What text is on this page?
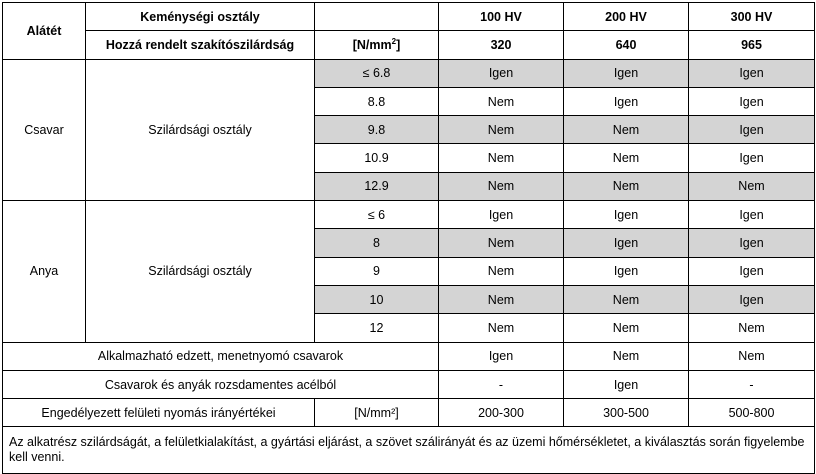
Alátét	Keménységi osztály		100 HV	200 HV	300 HV
	Hozzá rendelt szakítószilárdság	$[N/mm^2]$	320	640	965
Csavar	Szilárdsági osztály	≤ 6.8	Igen	Igen	Igen
		8.8	Nem	Igen	Igen
		9.8	Nem	Nem	Igen
		10.9	Nem	Nem	Igen
		12.9	Nem	Nem	Nem
Anya	Szilárdsági osztály	≤ 6	Igen	Igen	Igen
		8	Nem	Igen	Igen
		9	Nem	Igen	Igen
		10	Nem	Nem	Igen
		12	Nem	Nem	Nem
Alkalmazható edzett, menetnyomó csavarok			Igen	Nem	Nem
Csavarok és anyák rozsdamentes acélból			-	Igen	-
Engedélyezett felületi nyomás irányértékei		[N/mm²]	200-300	300-500	500-800
Az alkatrész szilárdságát, a felületkialakítást, a gyártási eljárást, a szövet szálirányát és az üzemi hőmérsékletet, a kiválasztás során figyelembe kell venni.					
